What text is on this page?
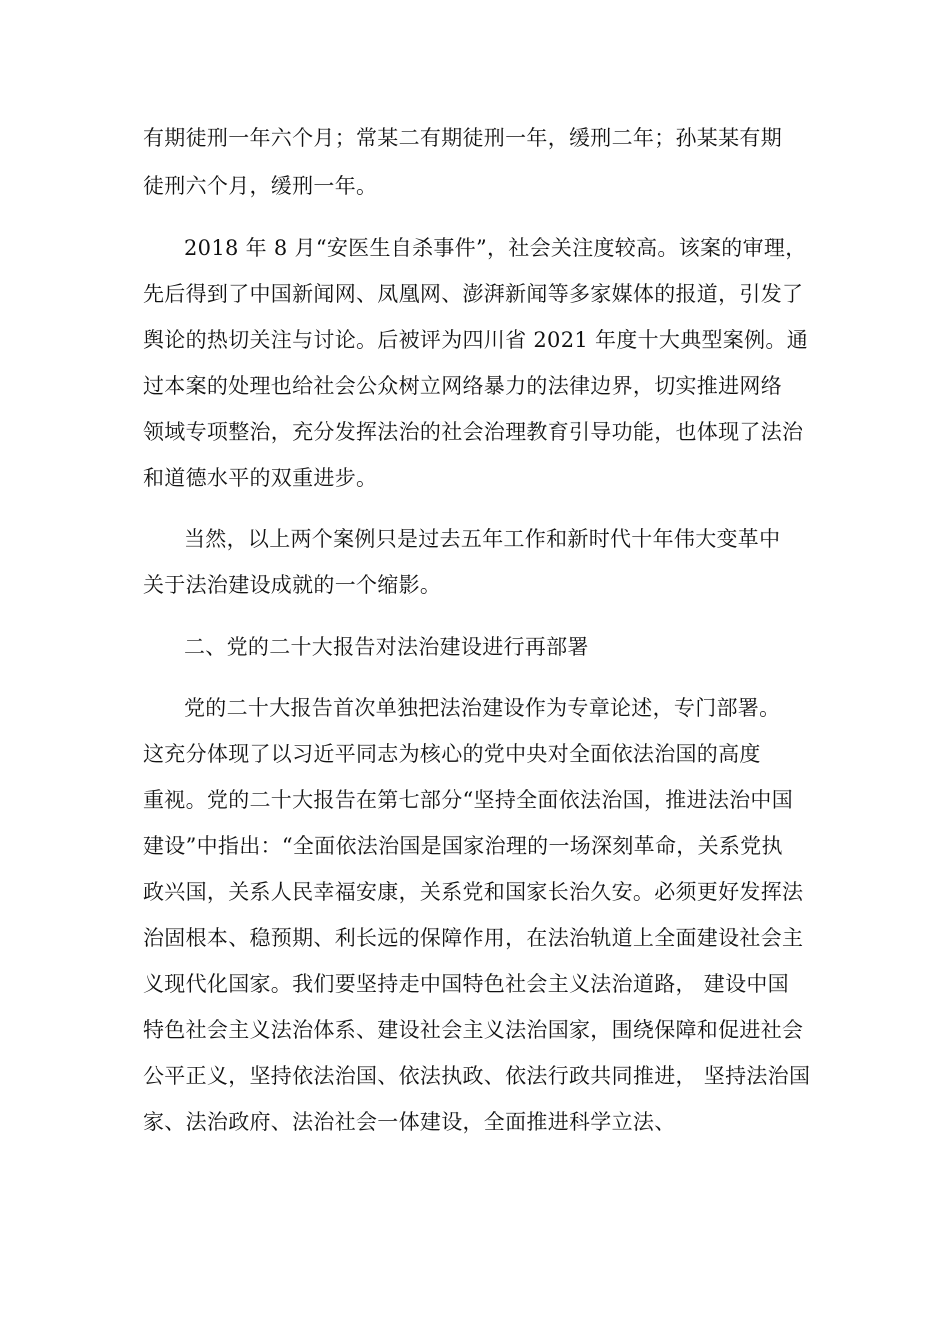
有期徒刑一年六个月；常某二有期徒刑一年，缓刑二年；孙某某有期
徒刑六个月，缓刑一年。
2018 年 8 月“安医生自杀事件”，社会关注度较高。该案的审理，
先后得到了中国新闻网、凤凰网、澎湃新闻等多家媒体的报道，引发了
舆论的热切关注与讨论。后被评为四川省 2021 年度十大典型案例。通
过本案的处理也给社会公众树立网络暴力的法律边界，切实推进网络
领域专项整治，充分发挥法治的社会治理教育引导功能，也体现了法治
和道德水平的双重进步。
当然，以上两个案例只是过去五年工作和新时代十年伟大变革中
关于法治建设成就的一个缩影。
二、党的二十大报告对法治建设进行再部署
党的二十大报告首次单独把法治建设作为专章论述，专门部署。
这充分体现了以习近平同志为核心的党中央对全面依法治国的高度
重视。党的二十大报告在第七部分“坚持全面依法治国，推进法治中国
建设”中指出：“全面依法治国是国家治理的一场深刻革命，关系党执
政兴国，关系人民幸福安康，关系党和国家长治久安。必须更好发挥法
治固根本、稳预期、利长远的保障作用，在法治轨道上全面建设社会主
义现代化国家。我们要坚持走中国特色社会主义法治道路， 建设中国
特色社会主义法治体系、建设社会主义法治国家，围绕保障和促进社会
公平正义，坚持依法治国、依法执政、依法行政共同推进， 坚持法治国
家、法治政府、法治社会一体建设，全面推进科学立法、
